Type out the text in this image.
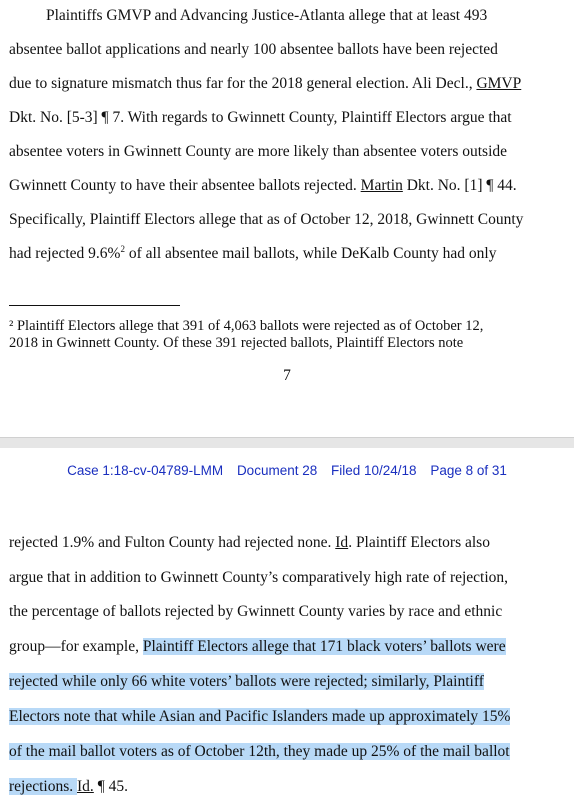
Plaintiffs GMVP and Advancing Justice-Atlanta allege that at least 493
absentee ballot applications and nearly 100 absentee ballots have been rejected
due to signature mismatch thus far for the 2018 general election. Ali Decl., GMVP
Dkt. No. [5-3] ¶ 7. With regards to Gwinnett County, Plaintiff Electors argue that
absentee voters in Gwinnett County are more likely than absentee voters outside
Gwinnett County to have their absentee ballots rejected. Martin Dkt. No. [1] ¶ 44.
Specifically, Plaintiff Electors allege that as of October 12, 2018, Gwinnett County
had rejected 9.6%$^2$ of all absentee mail ballots, while DeKalb County had only
² Plaintiff Electors allege that 391 of 4,063 ballots were rejected as of October 12,
2018 in Gwinnett County. Of these 391 rejected ballots, Plaintiff Electors note
7
Case 1:18-cv-04789-LMM Document 28 Filed 10/24/18 Page 8 of 31
rejected 1.9% and Fulton County had rejected none. Id. Plaintiff Electors also
argue that in addition to Gwinnett County’s comparatively high rate of rejection,
the percentage of ballots rejected by Gwinnett County varies by race and ethnic
group—for example, Plaintiff Electors allege that 171 black voters’ ballots were
rejected while only 66 white voters’ ballots were rejected; similarly, Plaintiff
Electors note that while Asian and Pacific Islanders made up approximately 15%
of the mail ballot voters as of October 12th, they made up 25% of the mail ballot
rejections. Id. ¶ 45.
